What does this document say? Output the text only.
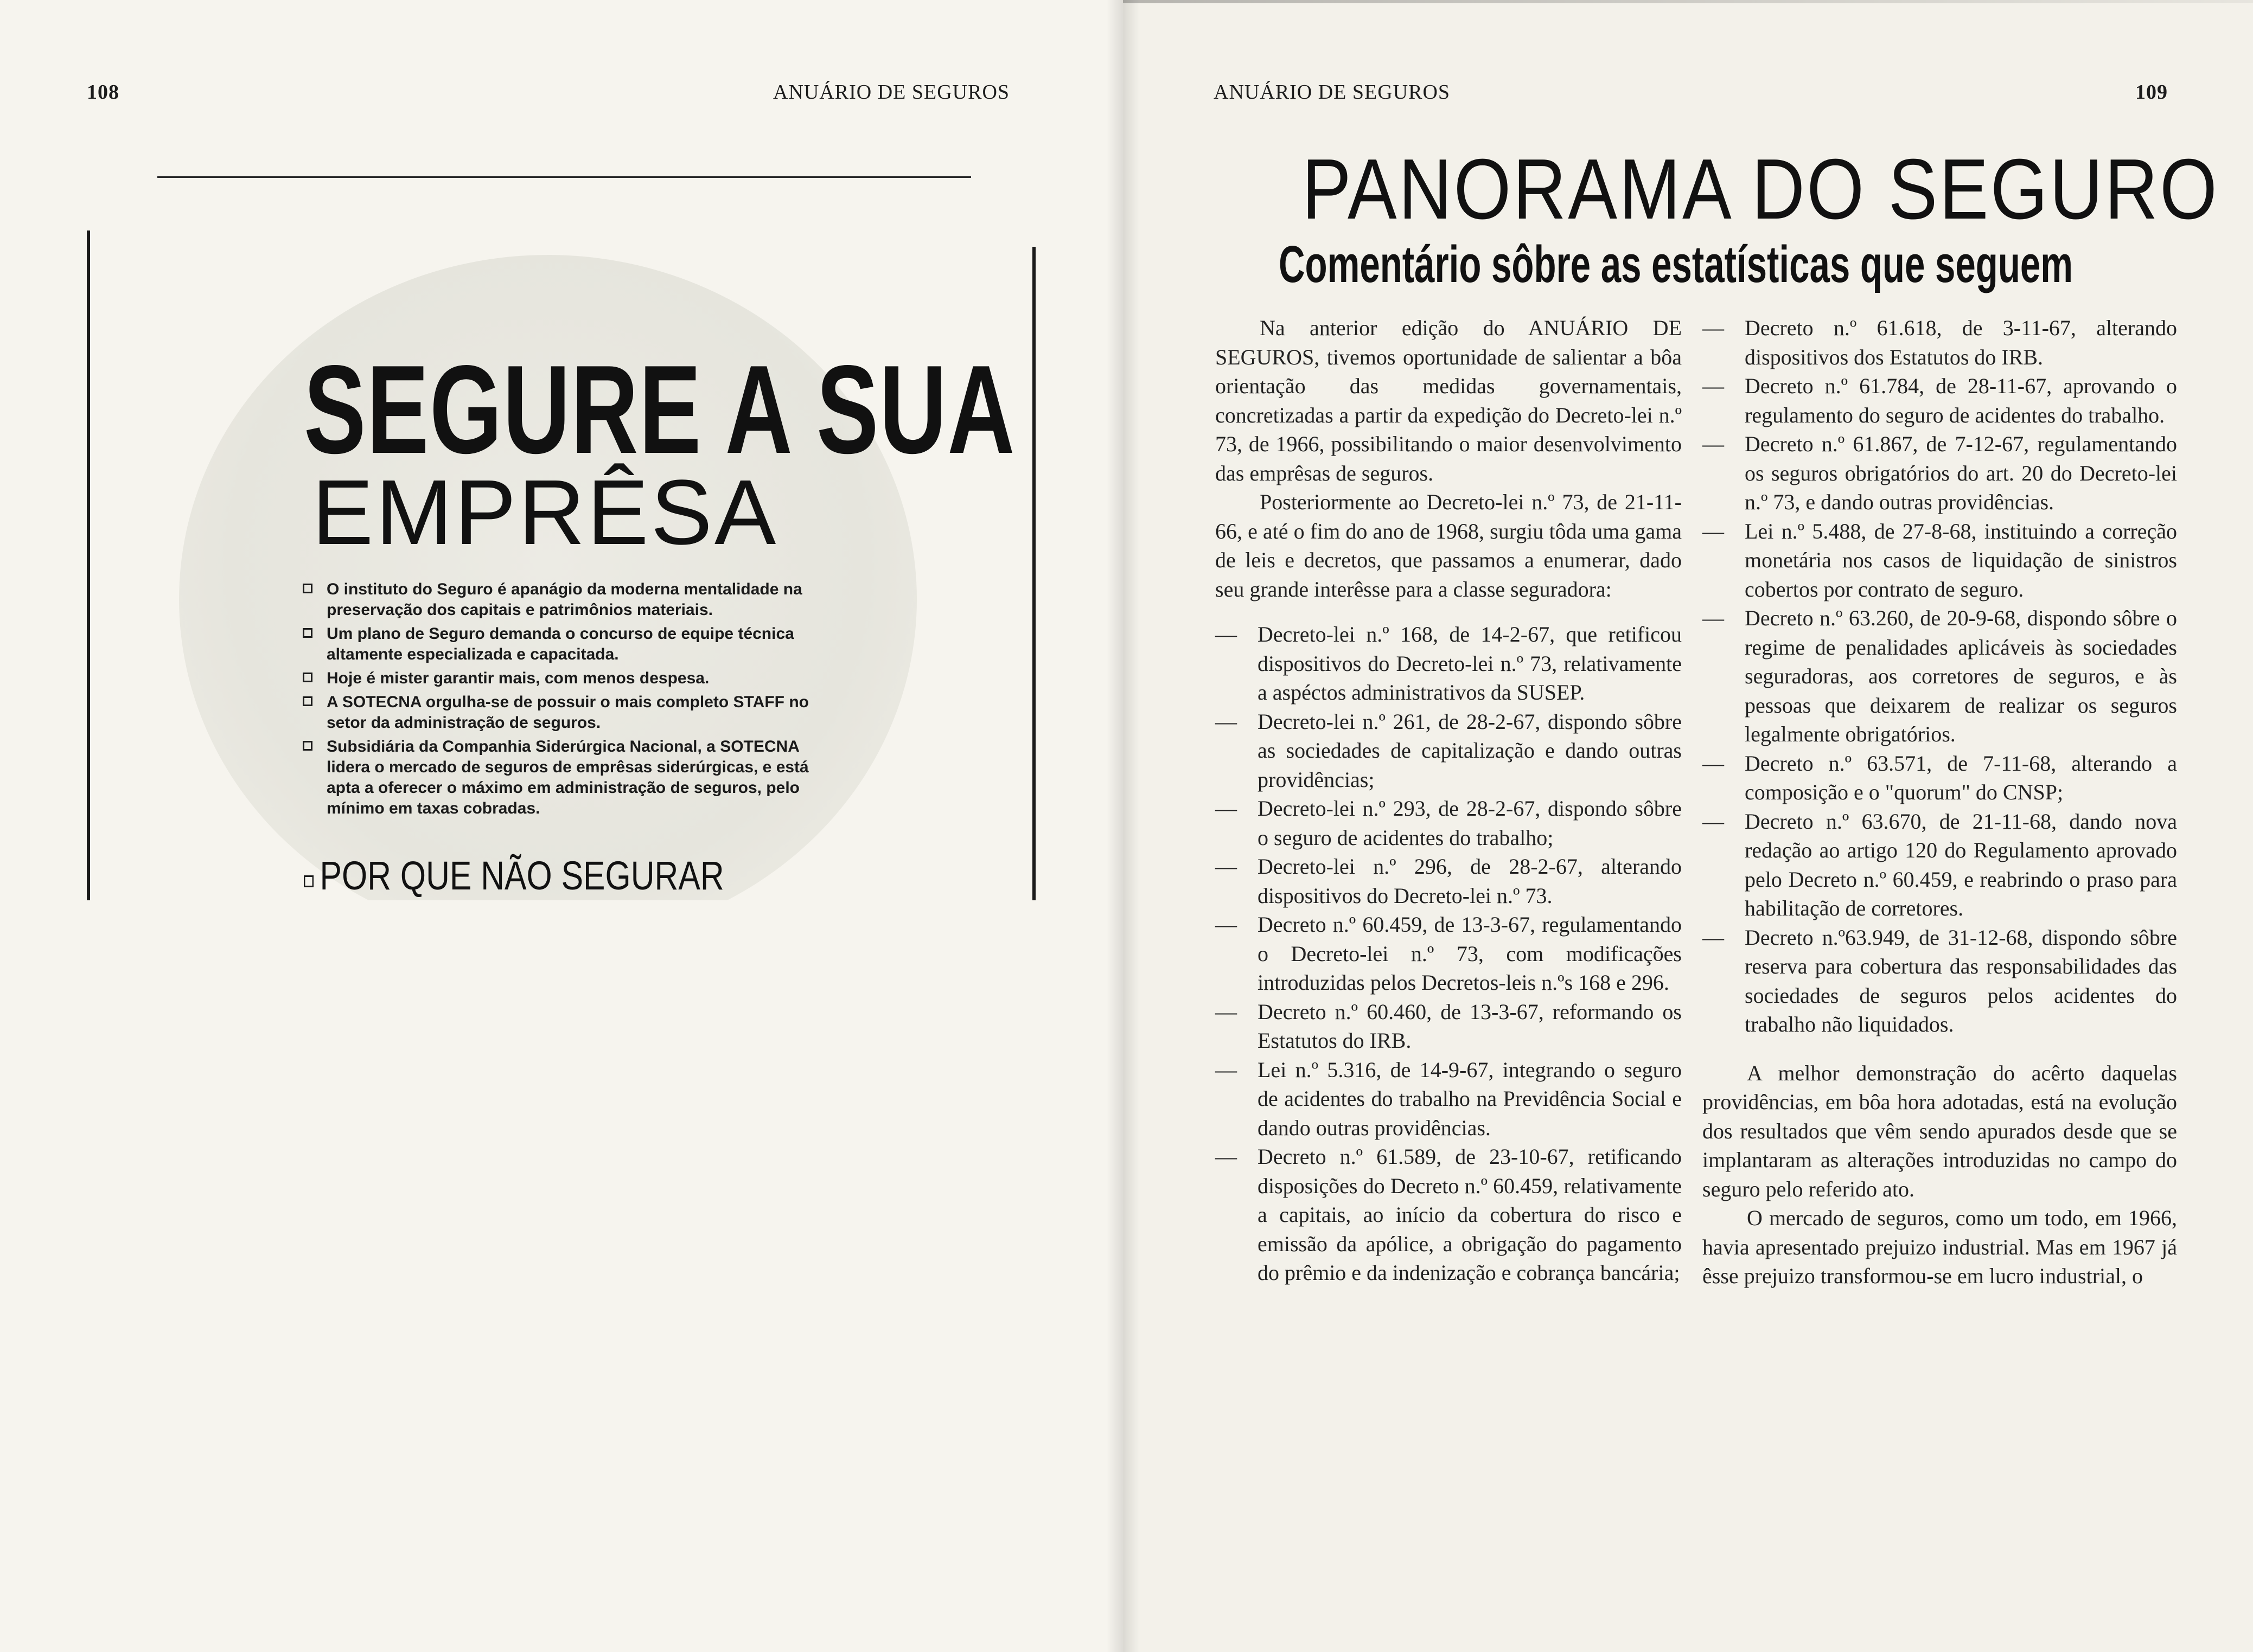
108	ANUÁRIO DE SEGUROS
SEGURE A SUA
EMPRÊSA
O instituto do Seguro é apanágio da moderna mentalidade na preservação dos capitais e patrimônios materiais.
Um plano de Seguro demanda o concurso de equipe técnica altamente especializada e capacitada.
Hoje é mister garantir mais, com menos despesa.
A SOTECNA orgulha-se de possuir o mais completo STAFF no setor da administração de seguros.
Subsidiária da Companhia Siderúrgica Nacional, a SOTECNA lidera o mercado de seguros de emprêsas siderúrgicas, e está apta a oferecer o máximo em administração de seguros, pelo mínimo em taxas cobradas.
POR QUE NÃO SEGURAR
ANUÁRIO DE SEGUROS	109
PANORAMA DO SEGURO
Comentário sôbre as estatísticas que seguem

Na anterior edição do ANUÁRIO DE SEGUROS, tivemos oportunidade de salientar a bôa orientação das medidas governamentais, concretizadas a partir da expedição do Decreto-lei n.º 73, de 1966, possibilitando o maior desenvolvimento das emprêsas de seguros.

Posteriormente ao Decreto-lei n.º 73, de 21-11-66, e até o fim do ano de 1968, surgiu tôda uma gama de leis e decretos, que passamos a enumerar, dado seu grande interêsse para a classe seguradora:

— Decreto-lei n.º 168, de 14-2-67, que retificou dispositivos do Decreto-lei n.º 73, relativamente a aspéctos administrativos da SUSEP.
— Decreto-lei n.º 261, de 28-2-67, dispondo sôbre as sociedades de capitalização e dando outras providências;
— Decreto-lei n.º 293, de 28-2-67, dispondo sôbre o seguro de acidentes do trabalho;
— Decreto-lei n.º 296, de 28-2-67, alterando dispositivos do Decreto-lei n.º 73.
— Decreto n.º 60.459, de 13-3-67, regulamentando o Decreto-lei n.º 73, com modificações introduzidas pelos Decretos-leis n.ºs 168 e 296.
— Decreto n.º 60.460, de 13-3-67, reformando os Estatutos do IRB.
— Lei n.º 5.316, de 14-9-67, integrando o seguro de acidentes do trabalho na Previdência Social e dando outras providências.
— Decreto n.º 61.589, de 23-10-67, retificando disposições do Decreto n.º 60.459, relativamente a capitais, ao início da cobertura do risco e emissão da apólice, a obrigação do pagamento do prêmio e da indenização e cobrança bancária;
— Decreto n.º 61.618, de 3-11-67, alterando dispositivos dos Estatutos do IRB.
— Decreto n.º 61.784, de 28-11-67, aprovando o regulamento do seguro de acidentes do trabalho.
— Decreto n.º 61.867, de 7-12-67, regulamentando os seguros obrigatórios do art. 20 do Decreto-lei n.º 73, e dando outras providências.
— Lei n.º 5.488, de 27-8-68, instituindo a correção monetária nos casos de liquidação de sinistros cobertos por contrato de seguro.
— Decreto n.º 63.260, de 20-9-68, dispondo sôbre o regime de penalidades aplicáveis às sociedades seguradoras, aos corretores de seguros, e às pessoas que deixarem de realizar os seguros legalmente obrigatórios.
— Decreto n.º 63.571, de 7-11-68, alterando a composição e o "quorum" do CNSP;
— Decreto n.º 63.670, de 21-11-68, dando nova redação ao artigo 120 do Regulamento aprovado pelo Decreto n.º 60.459, e reabrindo o praso para habilitação de corretores.
— Decreto n.º63.949, de 31-12-68, dispondo sôbre reserva para cobertura das responsabilidades das sociedades de seguros pelos acidentes do trabalho não liquidados.

A melhor demonstração do acêrto daquelas providências, em bôa hora adotadas, está na evolução dos resultados que vêm sendo apurados desde que se implantaram as alterações introduzidas no campo do seguro pelo referido ato.

O mercado de seguros, como um todo, em 1966, havia apresentado prejuizo industrial. Mas em 1967 já êsse prejuizo transformou-se em lucro industrial, o
